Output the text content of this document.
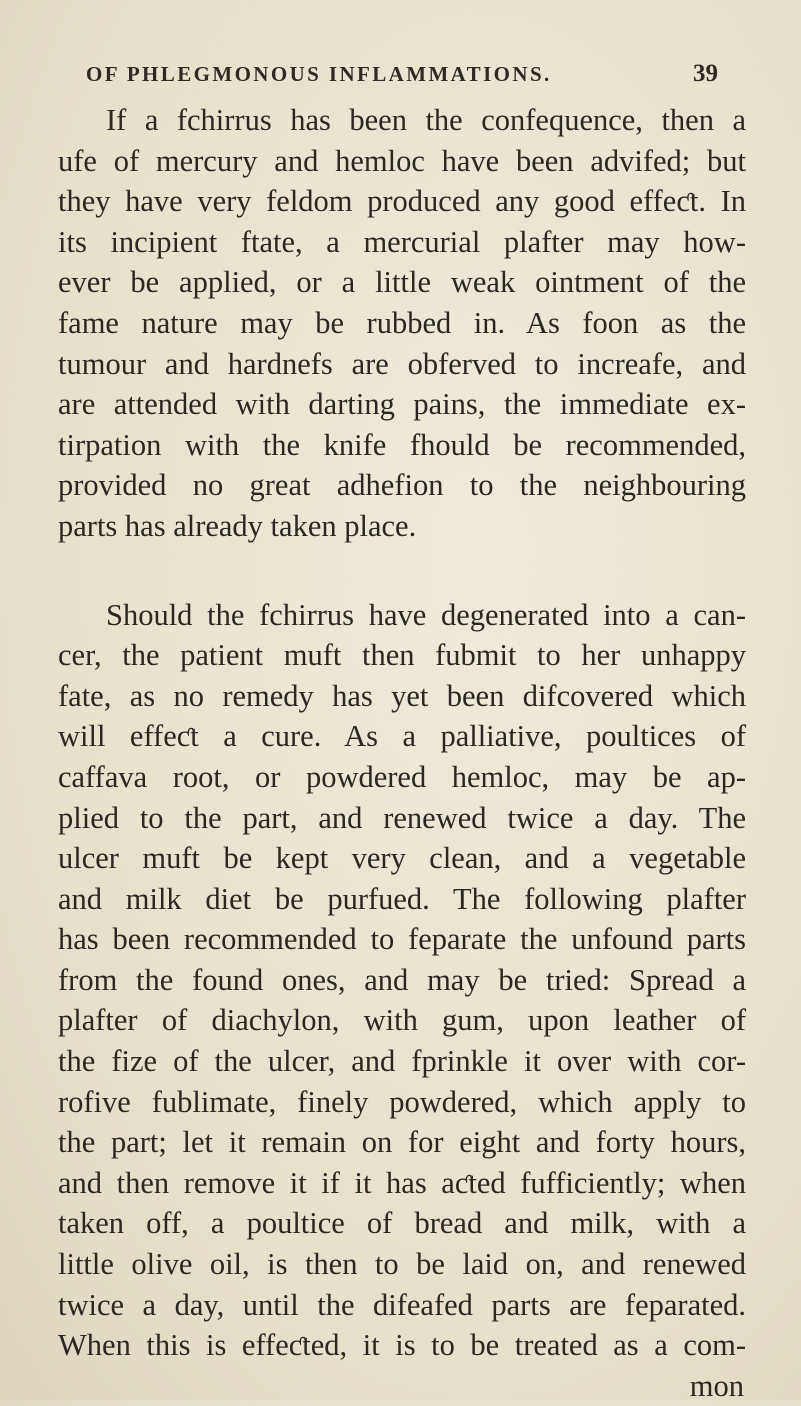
OF PHLEGMONOUS INFLAMMATIONS.	39
If a fchirrus has been the confequence, then a
ufe of mercury and hemloc have been advifed; but
they have very feldom produced any good effeƈt. In
its incipient ftate, a mercurial plafter may how-
ever be applied, or a little weak ointment of the
fame nature may be rubbed in. As foon as the
tumour and hardnefs are obferved to increafe, and
are attended with darting pains, the immediate ex-
tirpation with the knife fhould be recommended,
provided no great adhefion to the neighbouring
parts has already taken place.
Should the fchirrus have degenerated into a can-
cer, the patient muft then fubmit to her unhappy
fate, as no remedy has yet been difcovered which
will effeƈt a cure. As a palliative, poultices of
caffava root, or powdered hemloc, may be ap-
plied to the part, and renewed twice a day. The
ulcer muft be kept very clean, and a vegetable
and milk diet be purfued. The following plafter
has been recommended to feparate the unfound parts
from the found ones, and may be tried: Spread a
plafter of diachylon, with gum, upon leather of
the fize of the ulcer, and fprinkle it over with cor-
rofive fublimate, finely powdered, which apply to
the part; let it remain on for eight and forty hours,
and then remove it if it has aƈted fufficiently; when
taken off, a poultice of bread and milk, with a
little olive oil, is then to be laid on, and renewed
twice a day, until the difeafed parts are feparated.
When this is effeƈted, it is to be treated as a com-
mon
